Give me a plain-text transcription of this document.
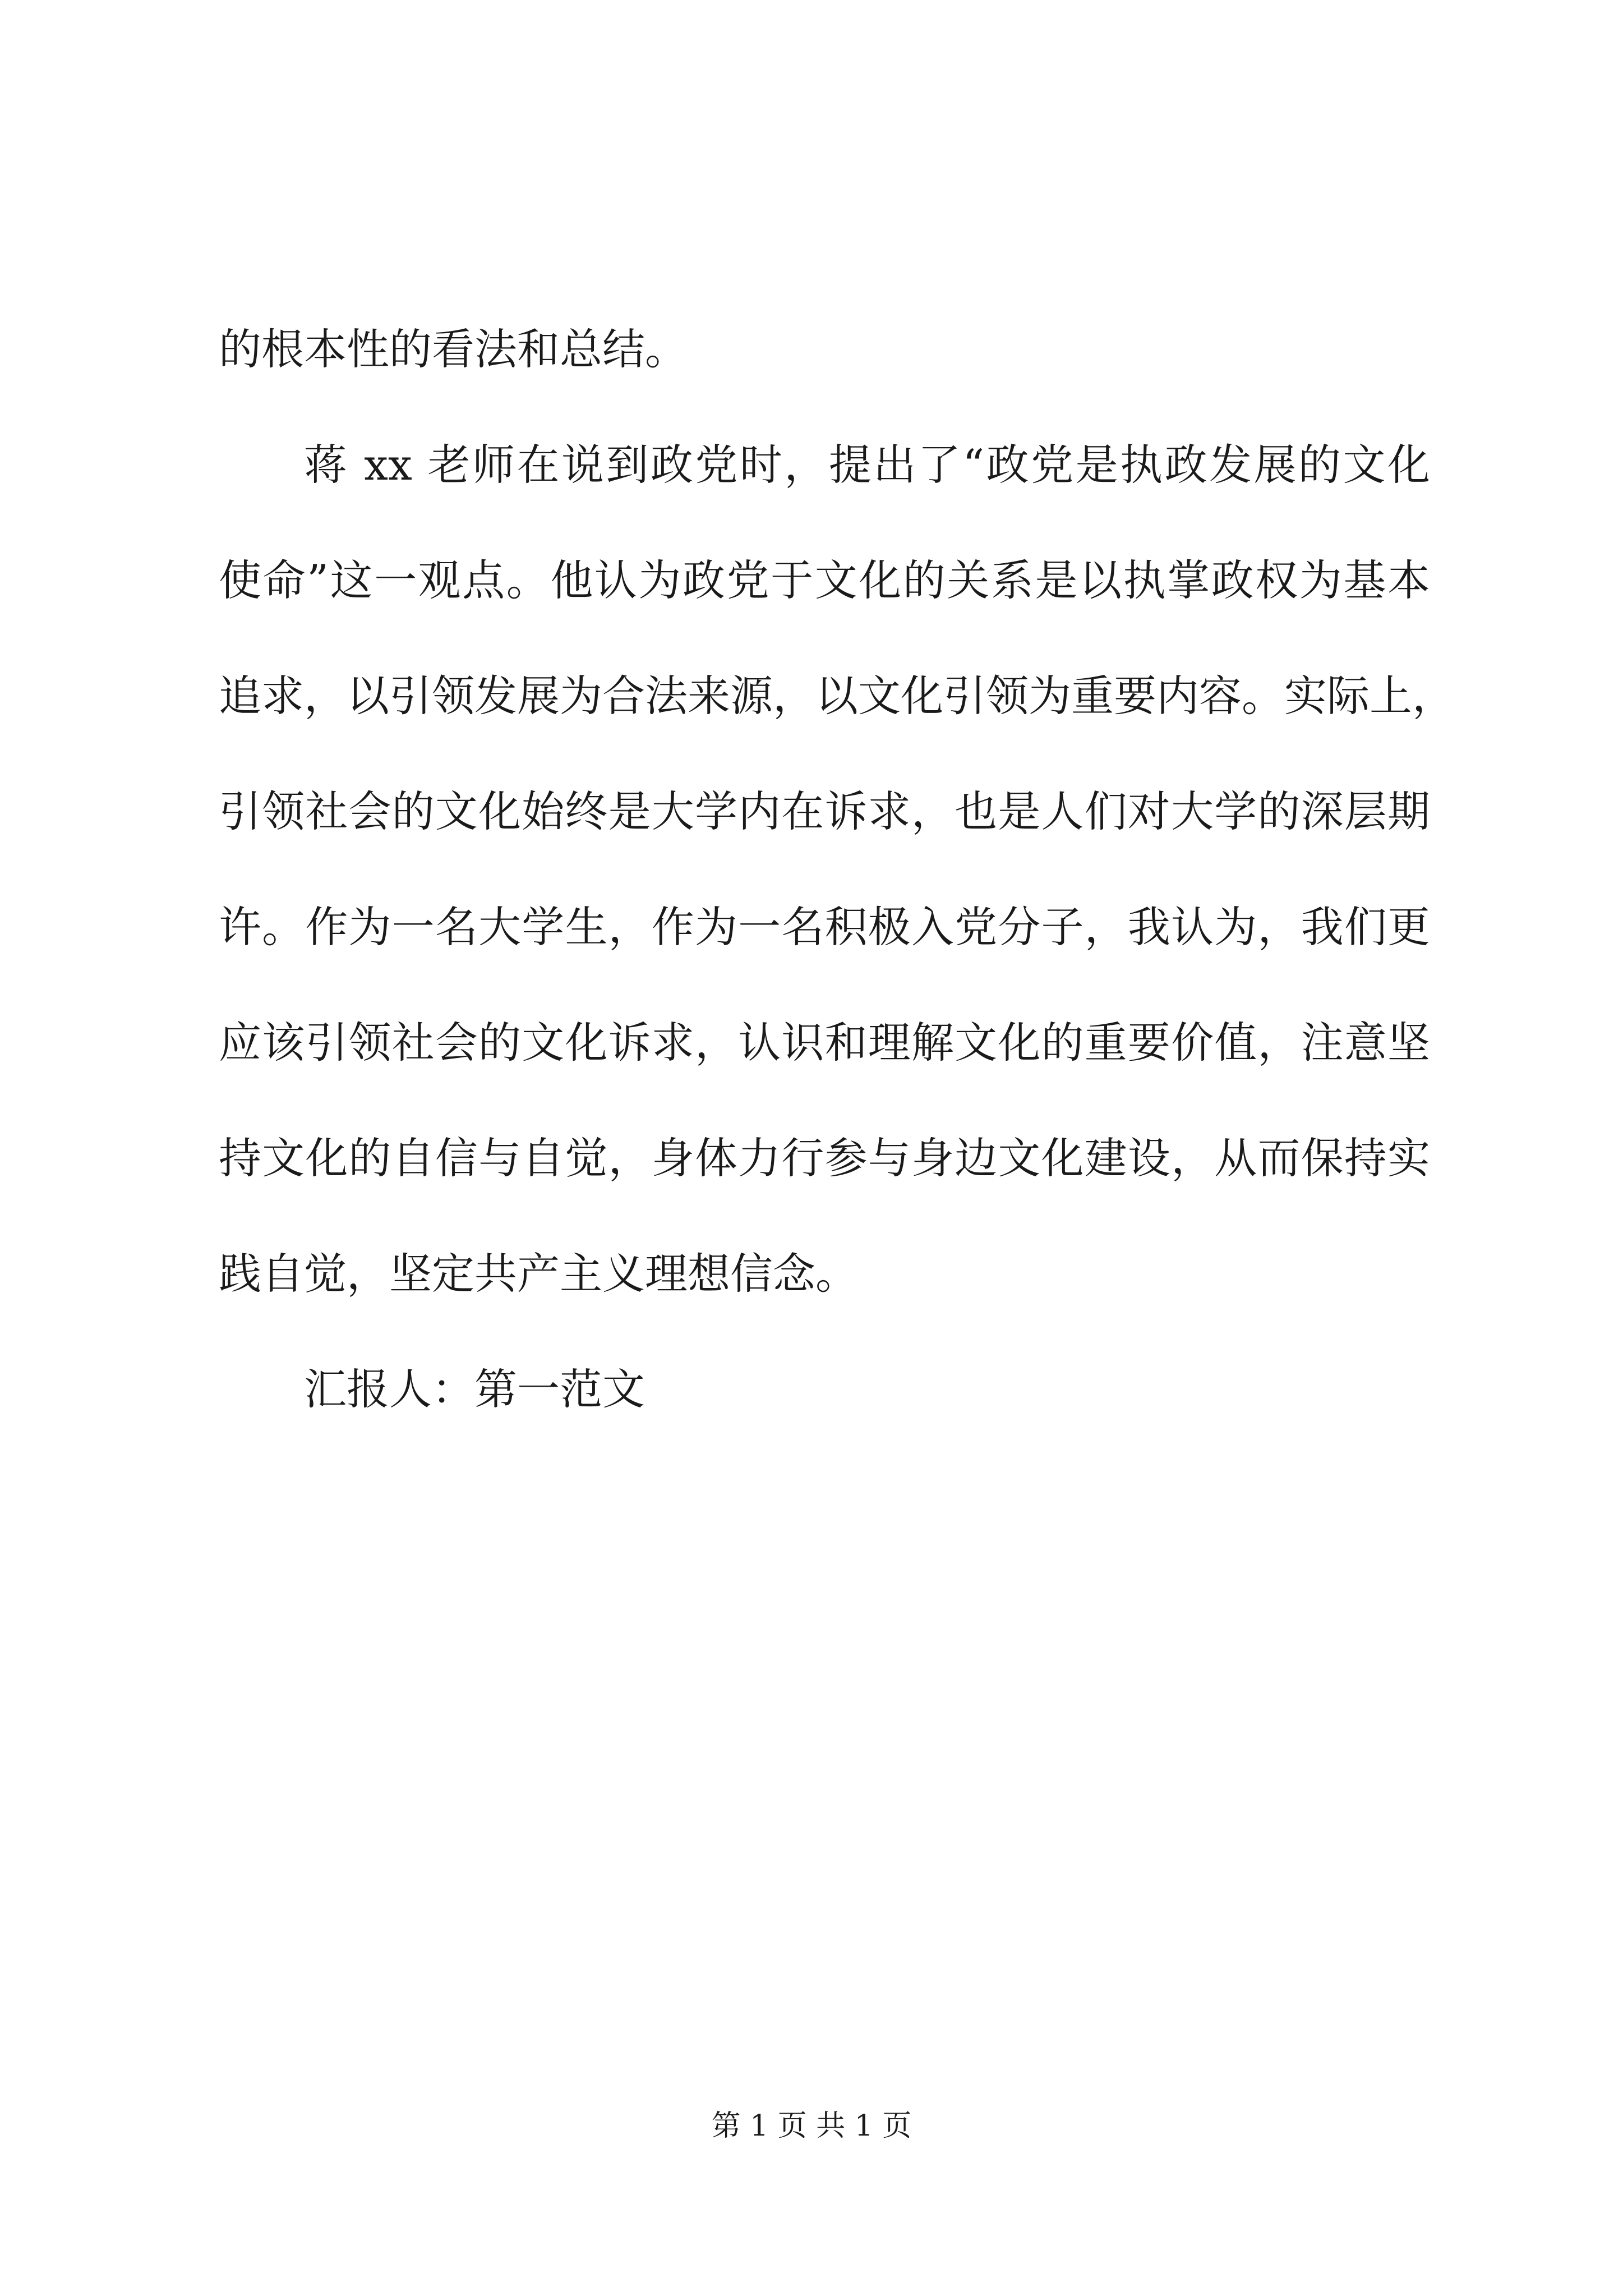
的根本性的看法和总结。
蒋 xx 老师在说到政党时，提出了“政党是执政发展的文化
使命”这一观点。他认为政党于文化的关系是以执掌政权为基本
追求，以引领发展为合法来源，以文化引领为重要内容。实际上，
引领社会的文化始终是大学内在诉求，也是人们对大学的深层期
许。作为一名大学生，作为一名积极入党分子，我认为，我们更
应该引领社会的文化诉求，认识和理解文化的重要价值，注意坚
持文化的自信与自觉，身体力行参与身边文化建设，从而保持实
践自觉，坚定共产主义理想信念。
汇报人：第一范文
第 1 页 共 1 页
